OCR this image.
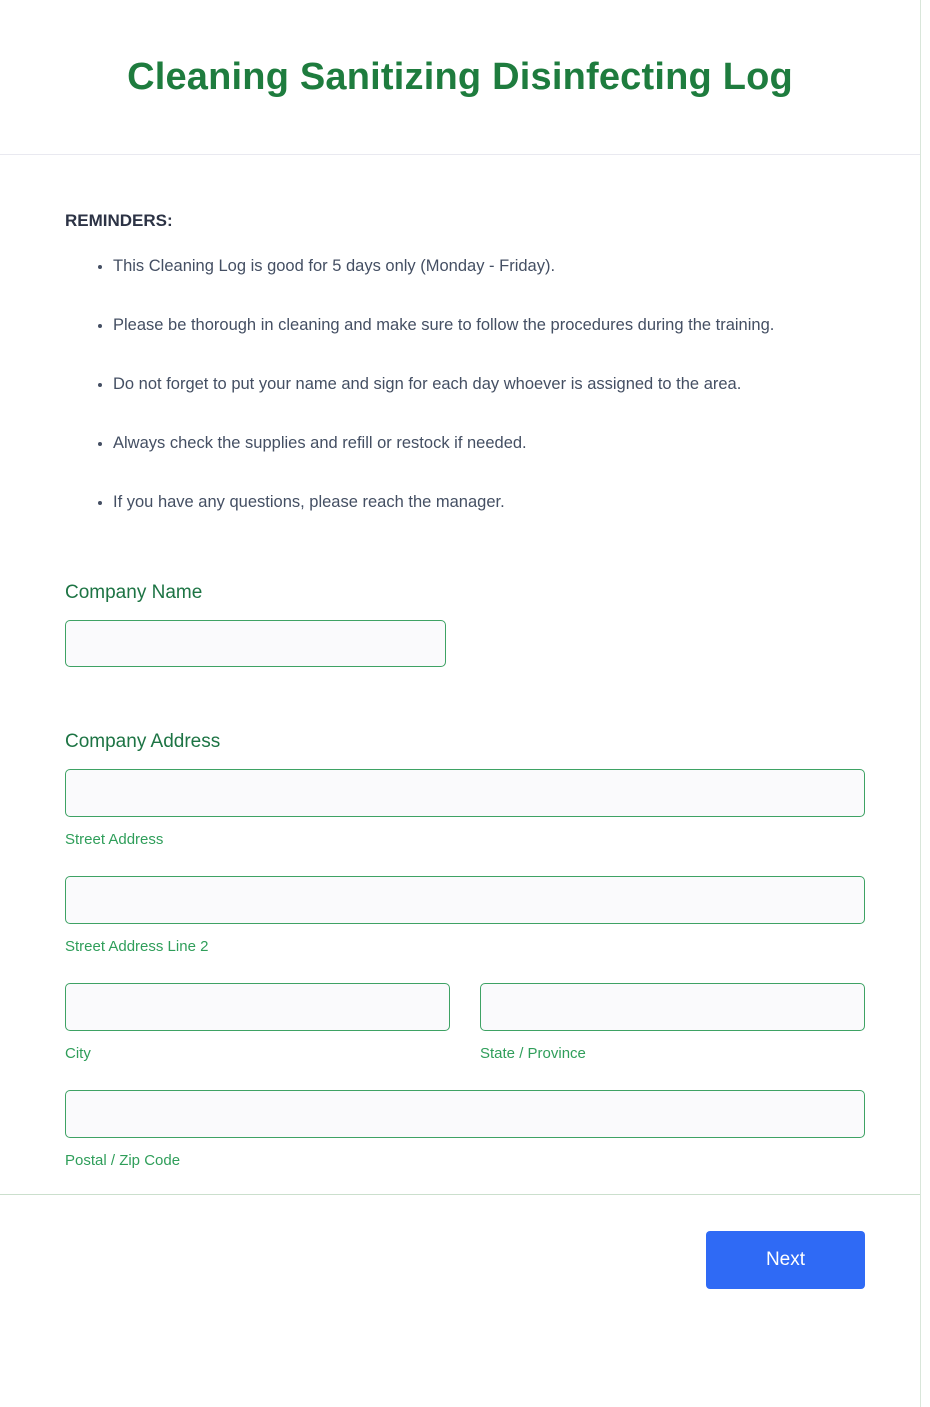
Cleaning Sanitizing Disinfecting Log
REMINDERS:
• This Cleaning Log is good for 5 days only (Monday - Friday).
• Please be thorough in cleaning and make sure to follow the procedures during the training.
• Do not forget to put your name and sign for each day whoever is assigned to the area.
• Always check the supplies and refill or restock if needed.
• If you have any questions, please reach the manager.
Company Name
Company Address
Street Address
Street Address Line 2
City	State / Province
Postal / Zip Code
Next
